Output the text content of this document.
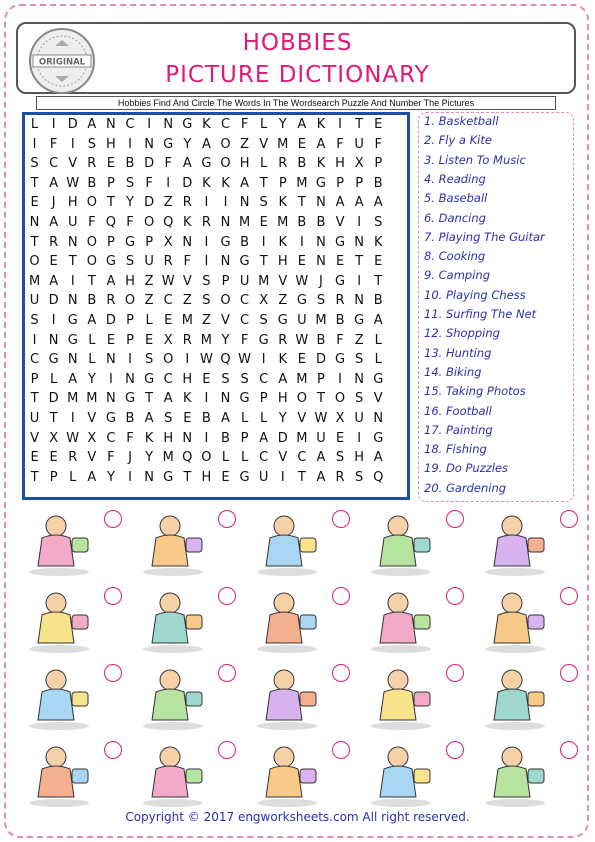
ORIGINAL
HOBBIES
PICTURE DICTIONARY
Hobbies Find And Circle The Words In The Wordsearch Puzzle And Number The Pictures
L	I D A N C I N G K C F L Y A K I	T E
I	F	I	S H I N G Y A O Z V M E A F U F
S C V R E B D F A G O H L R B K H X P
T A W B P S F	I D K K A T P M G P P B
E	J H O T Y D Z R I	I N S K T N A A A
N A U F Q F O Q K R N M E M B B V I	S
T R N O P G P X N I G B I K I N G N K
O E T O G S U R F	I N G T H E N E T E
M A I	T A H Z W V S P U M V W J G I	T
U D N B R O Z C Z S O C X Z G S R N B
S	I G A D P L E M Z V C S G U M B G A
I N G L E P E X R M Y F G R W B F Z L
C G N L N I	S O I W Q W I K E D G S L
P L A Y	I N G C H E S S C A M P	I N G
T D M M N G T A K I N G P H O T O S V
U T	I V G B A S E B A L L Y V W X U N
V X W X C F K H N I B P A D M U E	I G
E E R V F	J	Y M Q O L L C V C A S H A
T P L A Y	I N G T H E G U I	T A R S Q
1. Basketball
2. Fly a Kite
3. Listen To Music
4. Reading
5. Baseball
6. Dancing
7. Playing The Guitar
8. Cooking
9. Camping
10. Playing Chess
11. Surfing The Net
12. Shopping
13. Hunting
14. Biking
15. Taking Photos
16. Football
17. Painting
18. Fishing
19. Do Puzzles
20. Gardening
Copyright © 2017 engworksheets.com All right reserved.
